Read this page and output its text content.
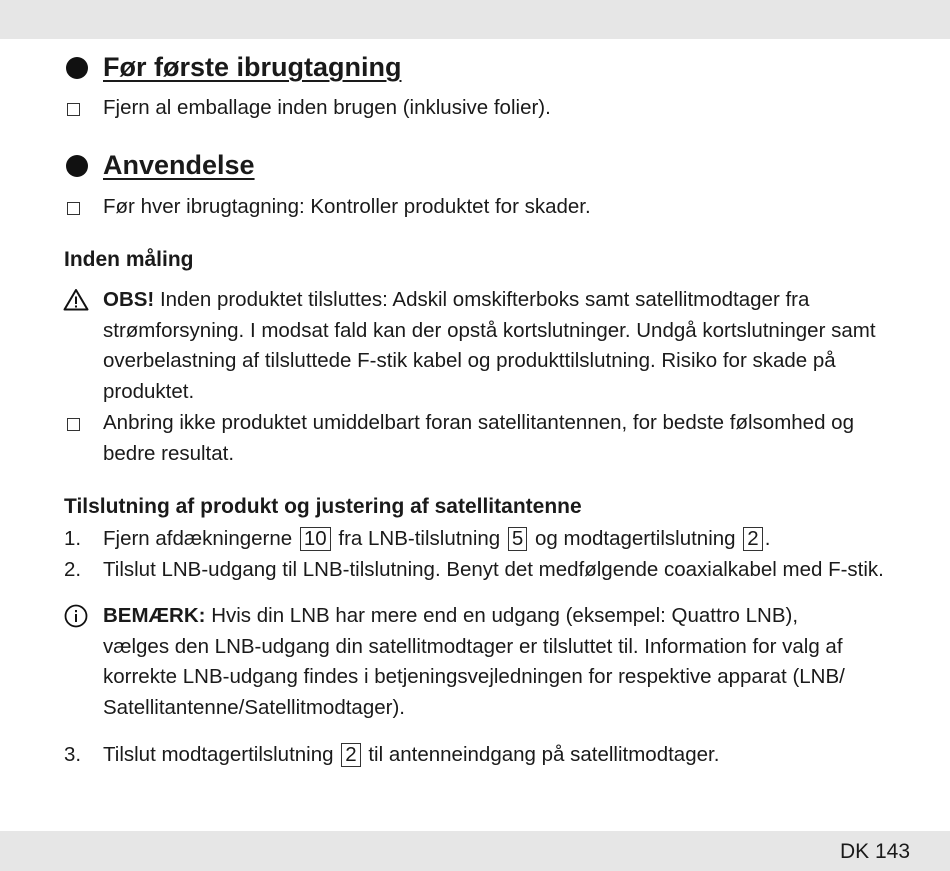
Før første ibrugtagning
Fjern al emballage inden brugen (inklusive folier).
Anvendelse
Før hver ibrugtagning: Kontroller produktet for skader.
Inden måling
OBS! Inden produktet tilsluttes: Adskil omskifterboks samt satellitmodtager fra
strømforsyning. I modsat fald kan der opstå kortslutninger. Undgå kortslutninger samt
overbelastning af tilsluttede F-stik kabel og produkttilslutning. Risiko for skade på
produktet.
Anbring ikke produktet umiddelbart foran satellitantennen, for bedste følsomhed og
bedre resultat.
Tilslutning af produkt og justering af satellitantenne
1. Fjern afdækningerne 10 fra LNB-tilslutning 5 og modtagertilslutning 2 .
2. Tilslut LNB-udgang til LNB-tilslutning. Benyt det medfølgende coaxialkabel med F-stik.
BEMÆRK: Hvis din LNB har mere end en udgang (eksempel: Quattro LNB),
vælges den LNB-udgang din satellitmodtager er tilsluttet til. Information for valg af
korrekte LNB-udgang findes i betjeningsvejledningen for respektive apparat (LNB/
Satellitantenne/Satellitmodtager).
3. Tilslut modtagertilslutning 2 til antenneindgang på satellitmodtager.
DK 143
